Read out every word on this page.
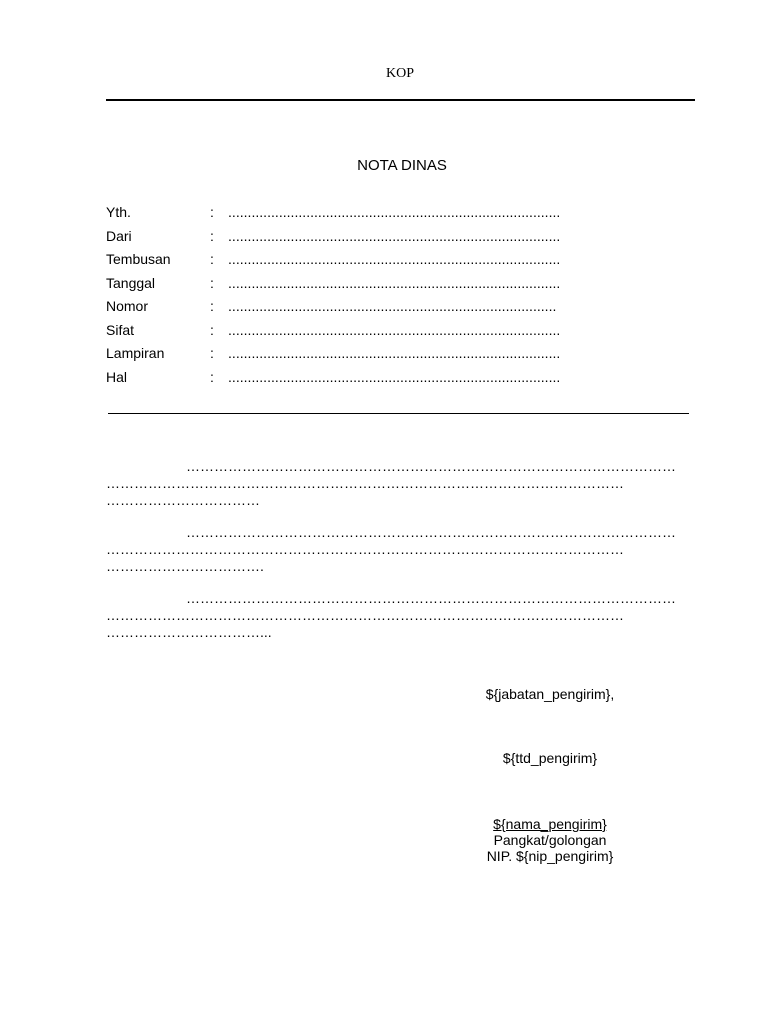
KOP
NOTA DINAS
Yth.	: .....................................................................................
Dari	: .....................................................................................
Tembusan	: .....................................................................................
Tanggal	: .....................................................................................
Nomor	: ....................................................................................
Sifat	: .....................................................................................
Lampiran	: .....................................................................................
Hal	: .....................................................................................
……………………………………………………………………………………………
…………………………………………………………………………………………………
……………………………
……………………………………………………………………………………………
…………………………………………………………………………………………………
…………………………….
……………………………………………………………………………………………
…………………………………………………………………………………………………
……………………………...
${jabatan_pengirim},
${ttd_pengirim}
${nama_pengirim}
Pangkat/golongan
NIP. ${nip_pengirim}
